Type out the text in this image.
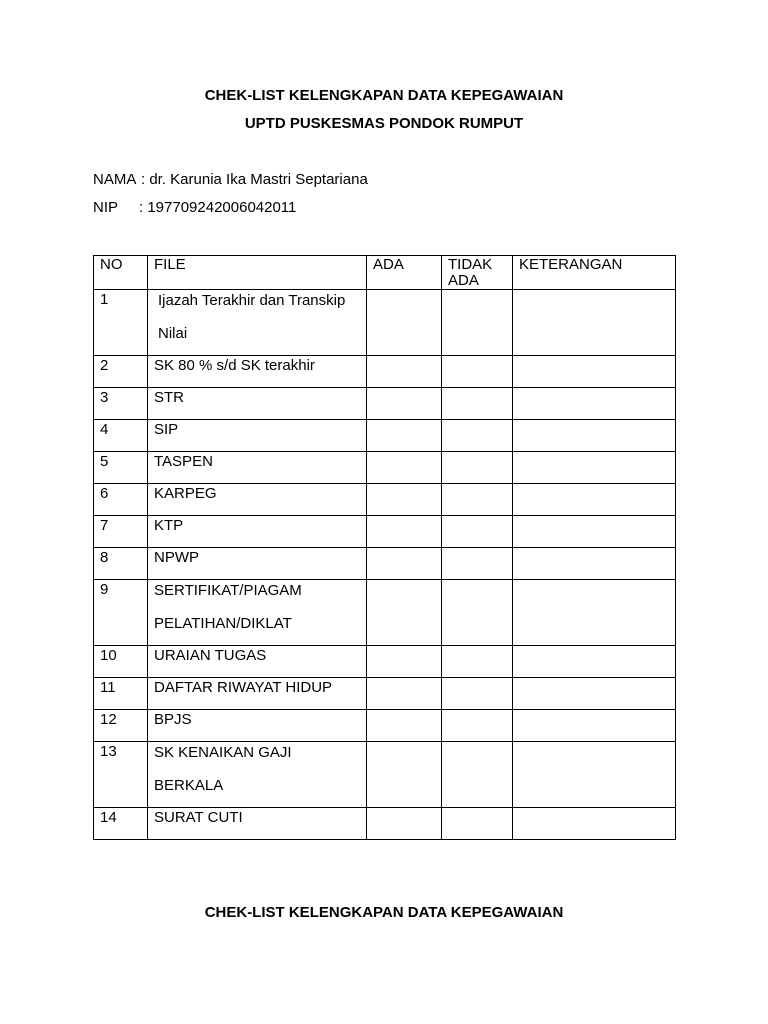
CHEK-LIST KELENGKAPAN DATA KEPEGAWAIAN
UPTD PUSKESMAS PONDOK RUMPUT
NAMA : dr. Karunia Ika Mastri Septariana
NIP : 197709242006042011
NO	FILE	ADA	TIDAK ADA	KETERANGAN
1	Ijazah Terakhir dan Transkip Nilai			

2	SK 80 % s/d SK terakhir			
3	STR			
4	SIP			
5	TASPEN			
6	KARPEG			
7	KTP			
8	NPWP			
9	SERTIFIKAT/PIAGAM PELATIHAN/DIKLAT			

10	URAIAN TUGAS			
11	DAFTAR RIWAYAT HIDUP			
12	BPJS			
13	SK KENAIKAN GAJI BERKALA			

14	SURAT CUTI			
CHEK-LIST KELENGKAPAN DATA KEPEGAWAIAN
